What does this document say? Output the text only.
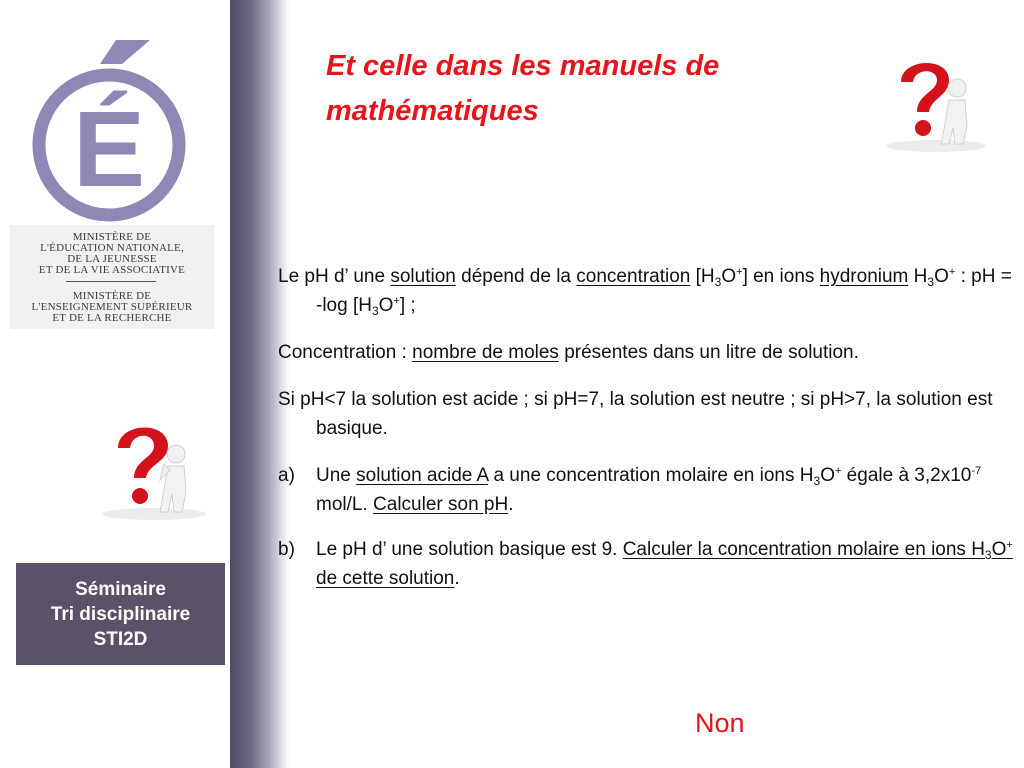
É
MINISTÈRE DE
L'ÉDUCATION NATIONALE,
DE LA JEUNESSE
ET DE LA VIE ASSOCIATIVE
MINISTÈRE DE
L'ENSEIGNEMENT SUPÉRIEUR
ET DE LA RECHERCHE
Séminaire
Tri disciplinaire
STI2D
Et celle dans les manuels de
mathématiques

Le pH d’ une solution dépend de la concentration $[H_3O^+]$ en ions hydronium $H_3O^+$ : pH = -log $[H_3O^+]$ ;

Concentration : nombre de moles présentes dans un litre de solution.

Si pH<7 la solution est acide ; si pH=7, la solution est neutre ; si pH>7, la solution est basique.

a) Une solution acide A a une concentration molaire en ions $H_3O^+$ égale à $3,2x10^{-7}$ mol/L. Calculer son pH.
b) Le pH d’ une solution basique est 9. Calculer la concentration molaire en ions $H_3O^+$ de cette solution.
Non
